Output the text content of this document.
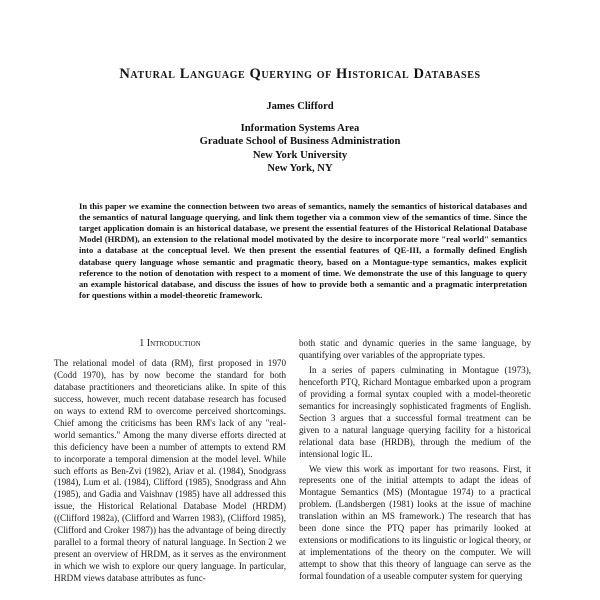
Natural Language Querying of Historical Databases
James Clifford
Information Systems Area
Graduate School of Business Administration
New York University
New York, NY

In this paper we examine the connection between two areas of semantics, namely the semantics of historical databases and the semantics of natural language querying, and link them together via a common view of the semantics of time. Since the target application domain is an historical database, we present the essential features of the Historical Relational Database Model (HRDM), an extension to the relational model motivated by the desire to incorporate more "real world" semantics into a database at the conceptual level. We then present the essential features of QE-III, a formally defined English database query language whose semantic and pragmatic theory, based on a Montague-type semantics, makes explicit reference to the notion of denotation with respect to a moment of time. We demonstrate the use of this language to query an example historical database, and discuss the issues of how to provide both a semantic and a pragmatic interpretation for questions within a model-theoretic framework.

1 Introduction

The relational model of data (RM), first proposed in 1970 (Codd 1970), has by now become the standard for both database practitioners and theoreticians alike. In spite of this success, however, much recent database research has focused on ways to extend RM to overcome perceived shortcomings. Chief among the criticisms has been RM's lack of any "real-world semantics." Among the many diverse efforts directed at this deficiency have been a number of attempts to extend RM to incorporate a temporal dimension at the model level. While such efforts as Ben-Zvi (1982), Ariav et al. (1984), Snodgrass (1984), Lum et al. (1984), Clifford (1985), Snodgrass and Ahn (1985), and Gadia and Vaishnav (1985) have all addressed this issue, the Historical Relational Database Model (HRDM) ((Clifford 1982a), (Clifford and Warren 1983), (Clifford 1985), (Clifford and Croker 1987)) has the advantage of being directly parallel to a formal theory of natural language. In Section 2 we present an overview of HRDM, as it serves as the environment in which we wish to explore our query language. In particular, HRDM views database attributes as func-

both static and dynamic queries in the same language, by quantifying over variables of the appropriate types.

In a series of papers culminating in Montague (1973), henceforth PTQ, Richard Montague embarked upon a program of providing a formal syntax coupled with a model-theoretic semantics for increasingly sophisticated fragments of English. Section 3 argues that a successful formal treatment can be given to a natural language querying facility for a historical relational data base (HRDB), through the medium of the intensional logic IL.

We view this work as important for two reasons. First, it represents one of the initial attempts to adapt the ideas of Montague Semantics (MS) (Montague 1974) to a practical problem. (Landsbergen (1981) looks at the issue of machine translation within an MS framework.) The research that has been done since the PTQ paper has primarily looked at extensions or modifications to its linguistic or logical theory, or at implementations of the theory on the computer. We will attempt to show that this theory of language can serve as the formal foundation of a useable computer system for querying
